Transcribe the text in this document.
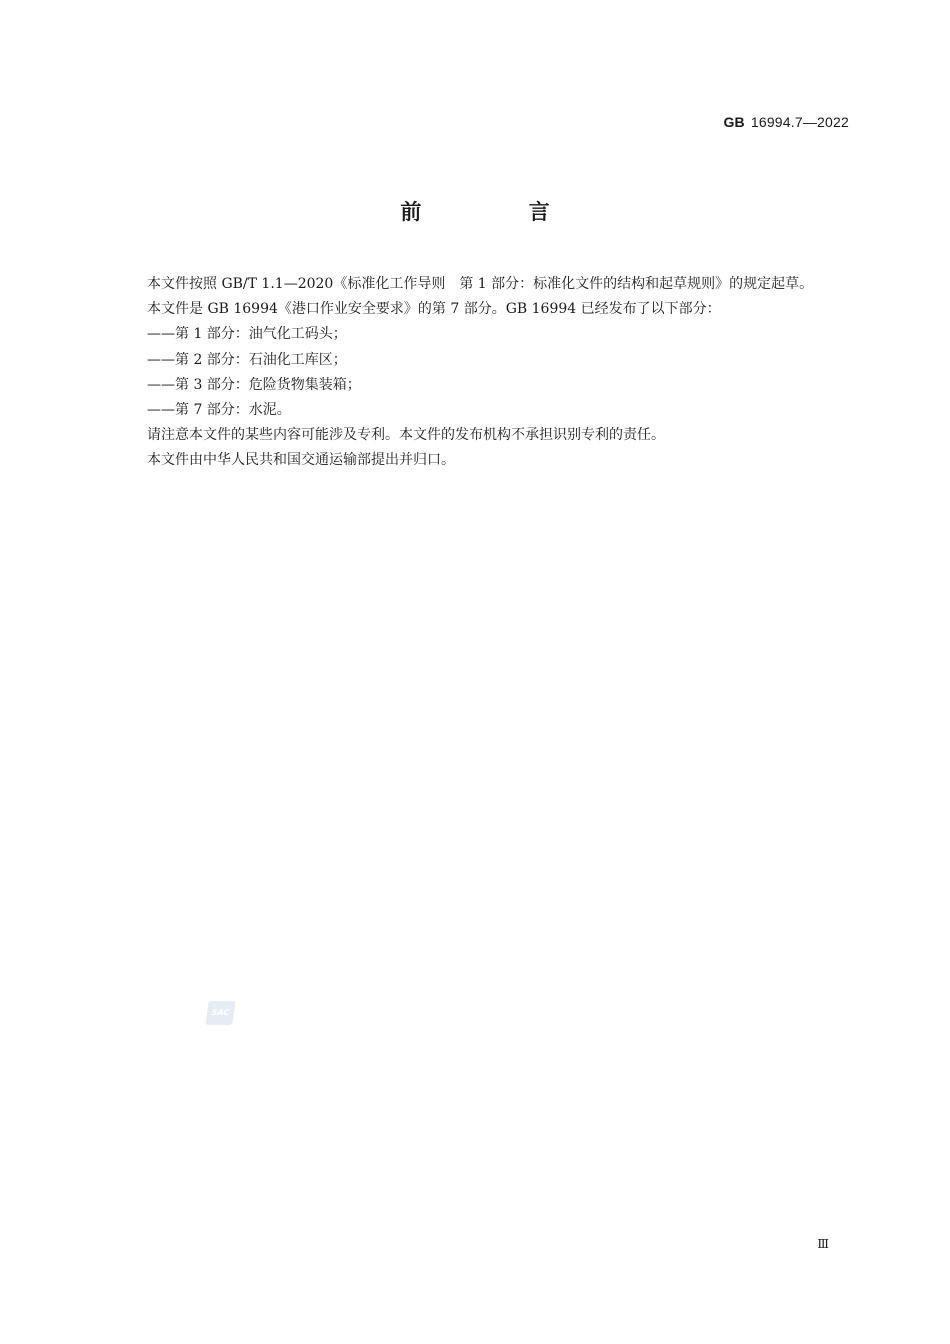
GB 16994.7—2022
前 言

本文件按照 GB/T 1.1—2020《标准化工作导则　第 1 部分：标准化文件的结构和起草规则》的规定起草。

本文件是 GB 16994《港口作业安全要求》的第 7 部分。GB 16994 已经发布了以下部分：

——第 1 部分：油气化工码头；

——第 2 部分：石油化工库区；

——第 3 部分：危险货物集装箱；

——第 7 部分：水泥。

请注意本文件的某些内容可能涉及专利。本文件的发布机构不承担识别专利的责任。

本文件由中华人民共和国交通运输部提出并归口。

SAC
Ⅲ
